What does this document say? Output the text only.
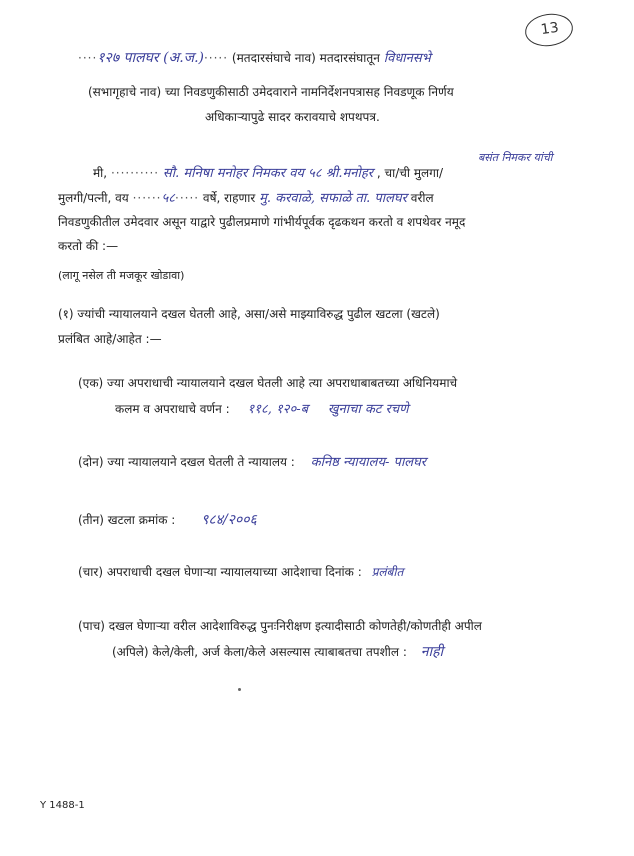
13
····१२७ पालघर (अ.ज.)····· (मतदारसंघाचे नाव) मतदारसंघातून विधानसभे
(सभागृहाचे नाव) च्या निवडणुकीसाठी उमेदवाराने नामनिर्देशनपत्रासह निवडणूक निर्णय
अधिकाऱ्यापुढे सादर करावयाचे शपथपत्र.
बसंत निमकर यांची
मी, ·········· सौ. मनिषा मनोहर निमकर वय ५८ श्री.मनोहर , चा/ची मुलगा/
मुलगी/पत्नी, वय ······५८····· वर्षे, राहणार मु. करवाळे, सफाळे ता. पालघर वरील
निवडणुकीतील उमेदवार असून याद्वारे पुढीलप्रमाणे गांभीर्यपूर्वक दृढकथन करतो व शपथेवर नमूद
करतो की :—
(लागू नसेल ती मजकूर खोडावा)
(१) ज्यांची न्यायालयाने दखल घेतली आहे, असा/असे माझ्याविरुद्ध पुढील खटला (खटले)
प्रलंबित आहे/आहेत :—
(एक) ज्या अपराधाची न्यायालयाने दखल घेतली आहे त्या अपराधाबाबतच्या अधिनियमाचे
कलम व अपराधाचे वर्णन : ११८, १२०-ब खुनाचा कट रचणे
(दोन) ज्या न्यायालयाने दखल घेतली ते न्यायालय : कनिष्ठ न्यायालय- पालघर
(तीन) खटला क्रमांक : ९८४/२००६
(चार) अपराधाची दखल घेणाऱ्या न्यायालयाच्या आदेशाचा दिनांक : प्रलंबीत
(पाच) दखल घेणाऱ्या वरील आदेशाविरुद्ध पुनःनिरीक्षण इत्यादीसाठी कोणतेही/कोणतीही अपील
(अपिले) केले/केली, अर्ज केला/केले असल्यास त्याबाबतचा तपशील : नाही
Y 1488-1
